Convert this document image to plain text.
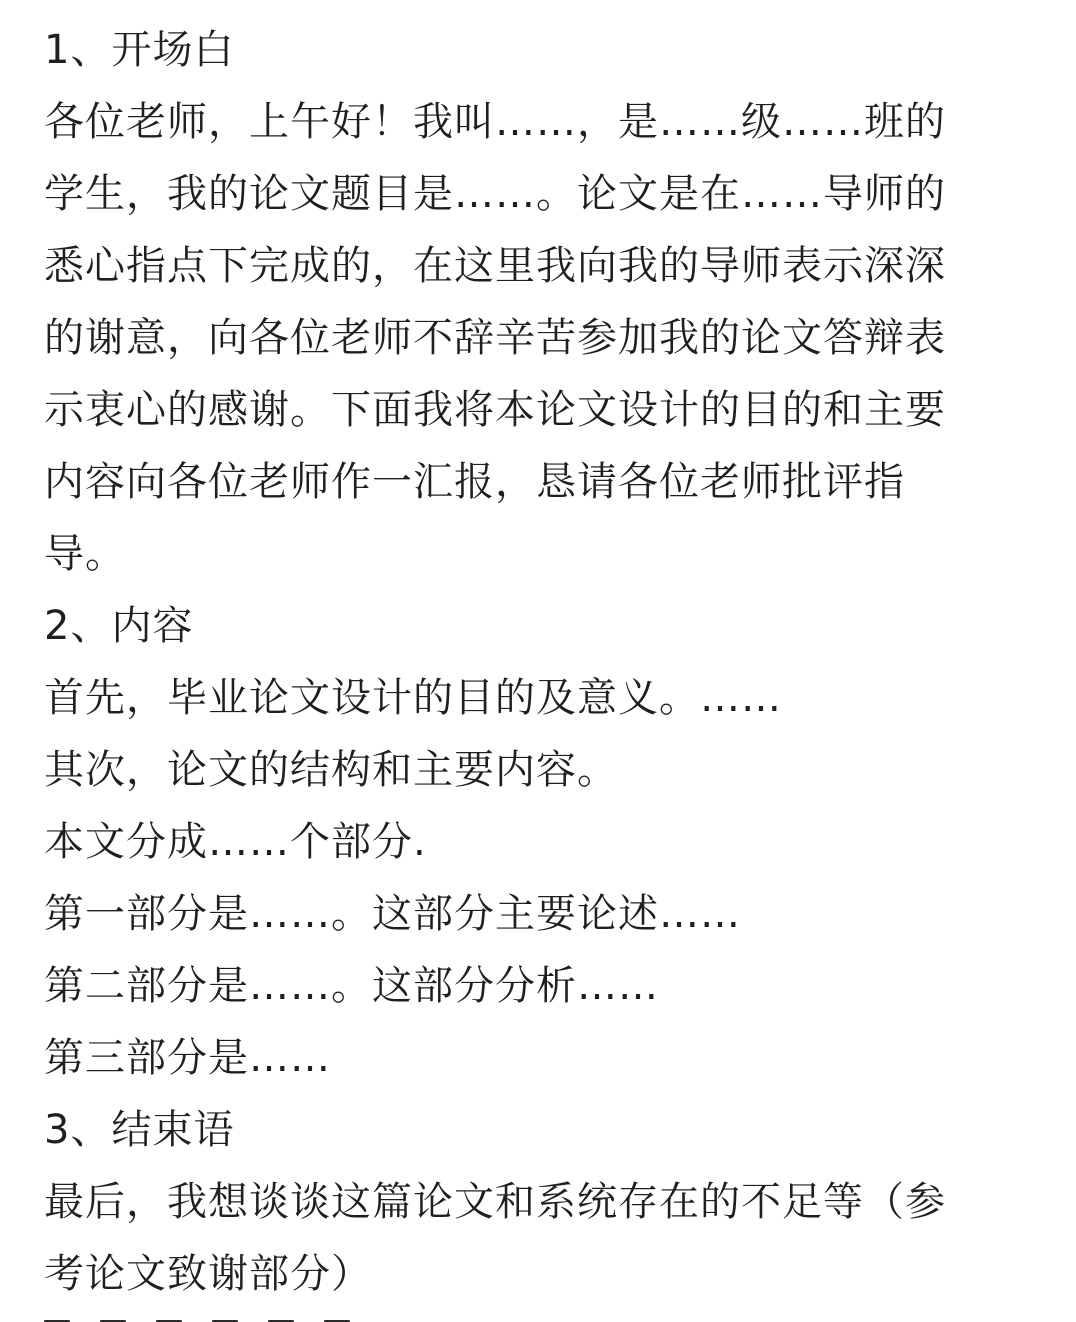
1、开场白
各位老师，上午好！我叫……，是……级……班的
学生，我的论文题目是……。论文是在……导师的
悉心指点下完成的，在这里我向我的导师表示深深
的谢意，向各位老师不辞辛苦参加我的论文答辩表
示衷心的感谢。下面我将本论文设计的目的和主要
内容向各位老师作一汇报，恳请各位老师批评指
导。
2、内容
首先，毕业论文设计的目的及意义。……
其次，论文的结构和主要内容。
本文分成……个部分.
第一部分是……。这部分主要论述……
第二部分是……。这部分分析……
第三部分是……
3、结束语
最后，我想谈谈这篇论文和系统存在的不足等（参
考论文致谢部分）
